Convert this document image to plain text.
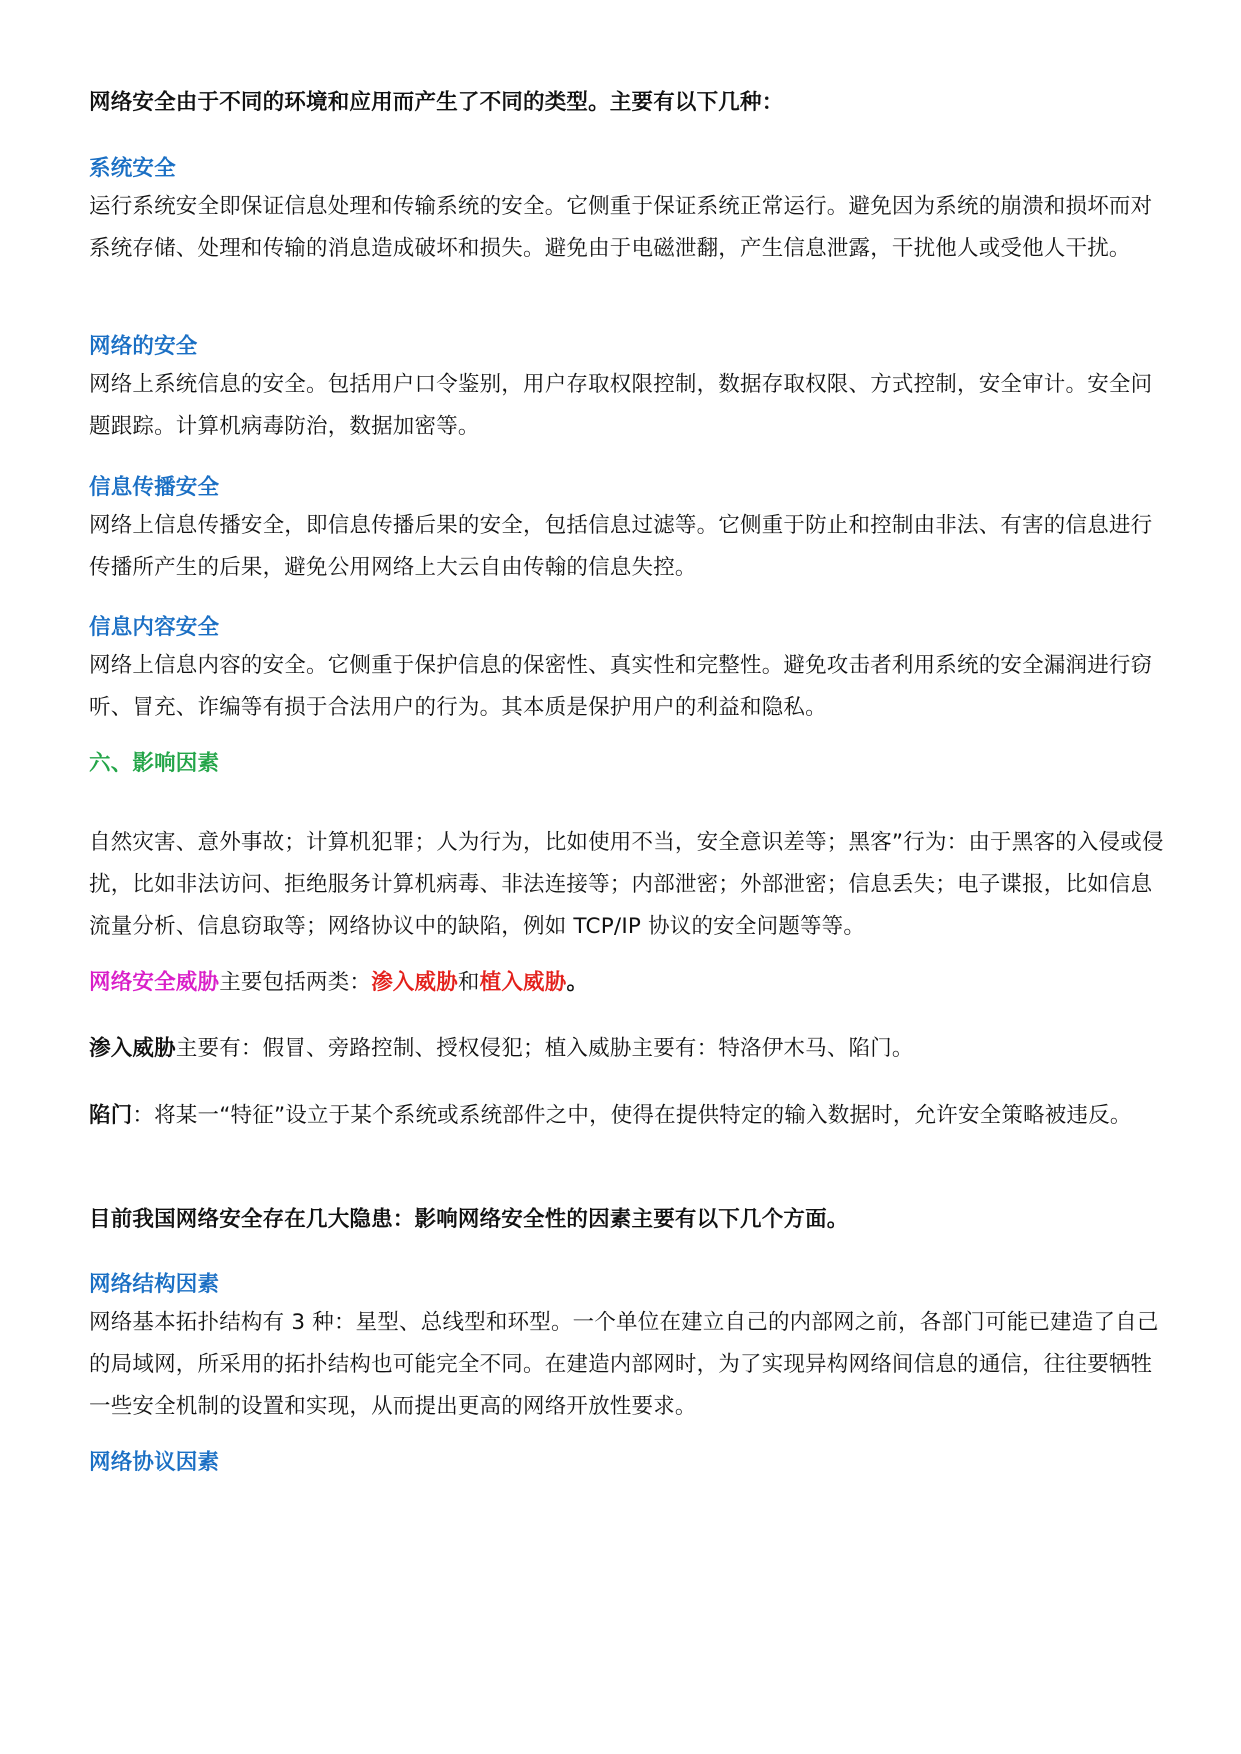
网络安全由于不同的环境和应用而产生了不同的类型。主要有以下几种：

系统安全

运行系统安全即保证信息处理和传输系统的安全。它侧重于保证系统正常运行。避免因为系统的崩溃和损坏而对系统存储、处理和传输的消息造成破坏和损失。避免由于电磁泄翻，产生信息泄露，干扰他人或受他人干扰。

网络的安全

网络上系统信息的安全。包括用户口令鉴别，用户存取权限控制，数据存取权限、方式控制，安全审计。安全问题跟踪。计算机病毒防治，数据加密等。

信息传播安全

网络上信息传播安全，即信息传播后果的安全，包括信息过滤等。它侧重于防止和控制由非法、有害的信息进行传播所产生的后果，避免公用网络上大云自由传翰的信息失控。

信息内容安全

网络上信息内容的安全。它侧重于保护信息的保密性、真实性和完整性。避免攻击者利用系统的安全漏润进行窃听、冒充、诈编等有损于合法用户的行为。其本质是保护用户的利益和隐私。

六、影响因素

自然灾害、意外事故；计算机犯罪；人为行为，比如使用不当，安全意识差等；黑客”行为：由于黑客的入侵或侵扰，比如非法访问、拒绝服务计算机病毒、非法连接等；内部泄密；外部泄密；信息丢失；电子谍报，比如信息流量分析、信息窃取等；网络协议中的缺陷，例如 TCP/IP 协议的安全问题等等。

网络安全威胁主要包括两类：渗入威胁和植入威胁。

渗入威胁主要有：假冒、旁路控制、授权侵犯；植入威胁主要有：特洛伊木马、陷门。

陷门：将某一“特征”设立于某个系统或系统部件之中，使得在提供特定的输入数据时，允许安全策略被违反。

目前我国网络安全存在几大隐患：影响网络安全性的因素主要有以下几个方面。

网络结构因素

网络基本拓扑结构有 3 种：星型、总线型和环型。一个单位在建立自己的内部网之前，各部门可能已建造了自己的局域网，所采用的拓扑结构也可能完全不同。在建造内部网时，为了实现异构网络间信息的通信，往往要牺牲一些安全机制的设置和实现，从而提出更高的网络开放性要求。

网络协议因素
